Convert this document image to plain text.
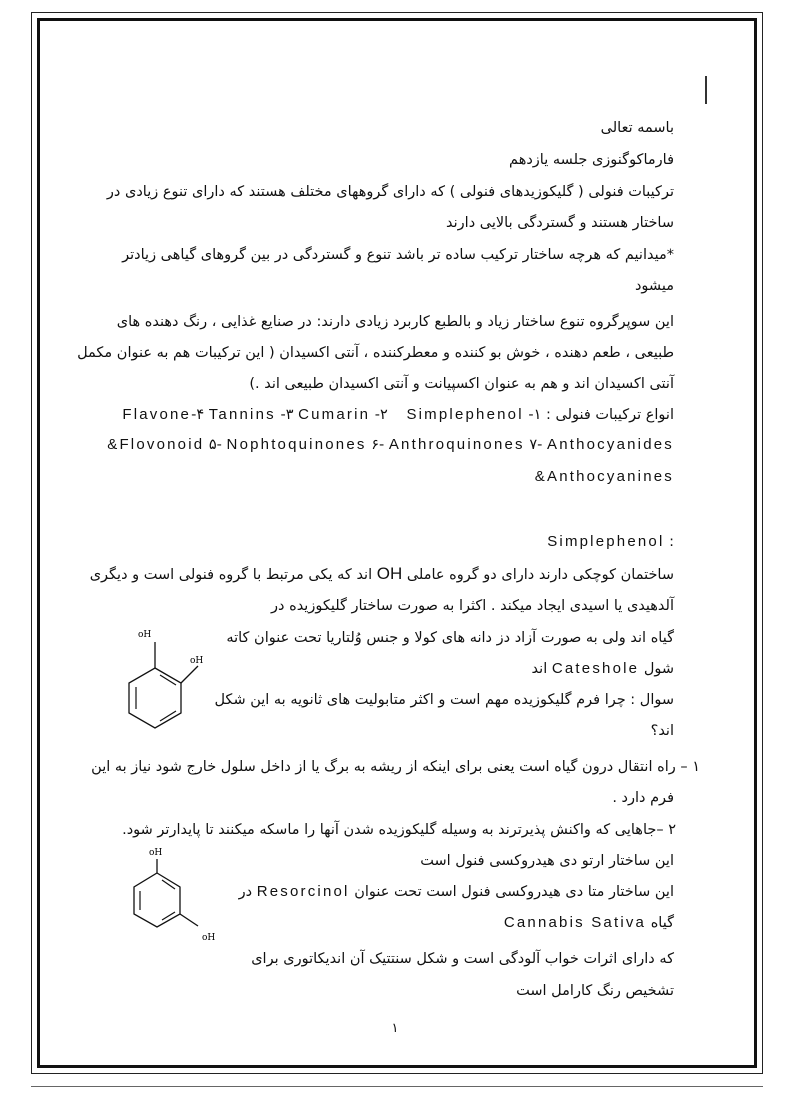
باسمه تعالی
فارماکوگنوزی جلسه یازدهم
ترکیبات فنولی ( گلیکوزیدهای فنولی ) که دارای گروههای مختلف هستند که دارای تنوع زیادی در
ساختار هستند و گستردگی بالایی دارند
*میدانیم که هرچه ساختار ترکیب ساده تر باشد تنوع و گستردگی در بین گروهای گیاهی زیادتر
میشود
این سوپرگروه تنوع ساختار زیاد و بالطبع کاربرد زیادی دارند: در صنایع غذایی ، رنگ دهنده های
طبیعی ، طعم دهنده ، خوش بو کننده و معطرکننده ، آنتی اکسیدان ( این ترکیبات هم به عنوان مکمل
آنتی اکسیدان اند و هم به عنوان اکسپیانت و آنتی اکسیدان طبیعی اند .)
انواع ترکیبات فنولی : ۱- Simplephenol ۲- Cumarin ۳- Tannins ۴-Flavone
&Flovonoid ۵- Nophtoquinones ۶- Anthroquinones ۷- Anthocyanides
&Anthocyanines
Simplephenol :
ساختمان کوچکی دارند دارای دو گروه عاملی OH اند که یکی مرتبط با گروه فنولی است و دیگری
آلدهیدی یا اسیدی ایجاد میکند . اکثرا به صورت ساختار گلیکوزیده در
گیاه اند ولی به صورت آزاد دز دانه های کولا و جنس وُلتاریا تحت عنوان کاته
شول Cateshole اند
سوال : چرا فرم گلیکوزیده مهم است و اکثر متابولیت های ثانویه به این شکل
اند؟
۱ – راه انتقال درون گیاه است یعنی برای اینکه از ریشه به برگ یا از داخل سلول خارج شود نیاز به این
فرم دارد .
۲ –جاهایی که واکنش پذیرترند به وسیله گلیکوزیده شدن آنها را ماسکه میکنند تا پایدارتر شود.
این ساختار ارتو دی هیدروکسی فنول است
این ساختار متا دی هیدروکسی فنول است تحت عنوان Resorcinol در
گیاه Cannabis Sativa
که دارای اثرات خواب آلودگی است و شکل سنتتیک آن اندیکاتوری برای
تشخیص رنگ کارامل است
oH
oH
oH
oH
۱
